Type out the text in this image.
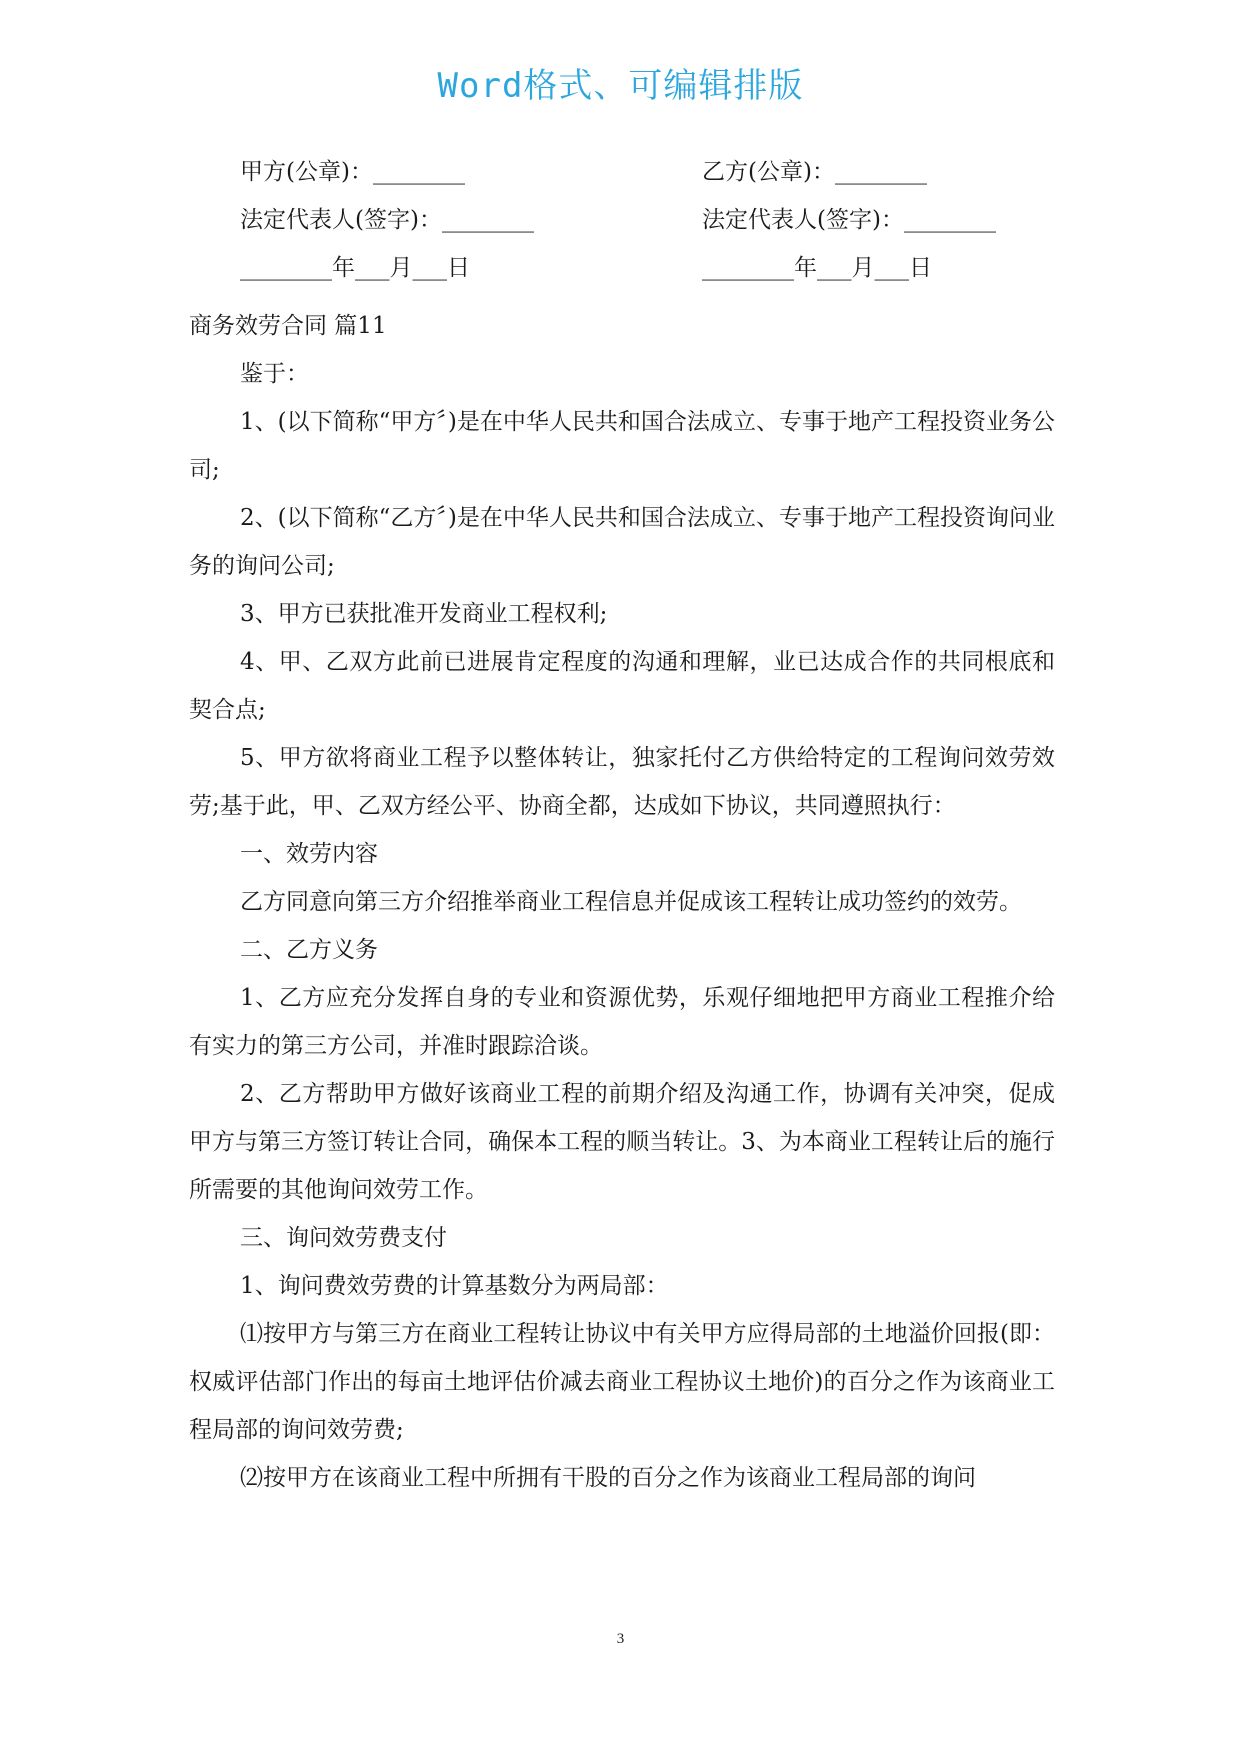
Word格式、可编辑排版
甲方(公章)：________	乙方(公章)：________
法定代表人(签字)：________	法定代表人(签字)：________
________年___月___日	________年___月___日

商务效劳合同 篇11

鉴于：

1、(以下简称“甲方〞)是在中华人民共和国合法成立、专事于地产工程投资业务公司;

2、(以下简称“乙方〞)是在中华人民共和国合法成立、专事于地产工程投资询问业务的询问公司;

3、甲方已获批准开发商业工程权利;

4、甲、乙双方此前已进展肯定程度的沟通和理解，业已达成合作的共同根底和契合点;

5、甲方欲将商业工程予以整体转让，独家托付乙方供给特定的工程询问效劳效劳;基于此，甲、乙双方经公平、协商全都，达成如下协议，共同遵照执行：

一、效劳内容

乙方同意向第三方介绍推举商业工程信息并促成该工程转让成功签约的效劳。

二、乙方义务

1、乙方应充分发挥自身的专业和资源优势，乐观仔细地把甲方商业工程推介给有实力的第三方公司，并准时跟踪洽谈。

2、乙方帮助甲方做好该商业工程的前期介绍及沟通工作，协调有关冲突，促成甲方与第三方签订转让合同，确保本工程的顺当转让。3、为本商业工程转让后的施行所需要的其他询问效劳工作。

三、询问效劳费支付

1、询问费效劳费的计算基数分为两局部：

⑴按甲方与第三方在商业工程转让协议中有关甲方应得局部的土地溢价回报(即：权威评估部门作出的每亩土地评估价减去商业工程协议土地价)的百分之作为该商业工程局部的询问效劳费;

⑵按甲方在该商业工程中所拥有干股的百分之作为该商业工程局部的询问

3
